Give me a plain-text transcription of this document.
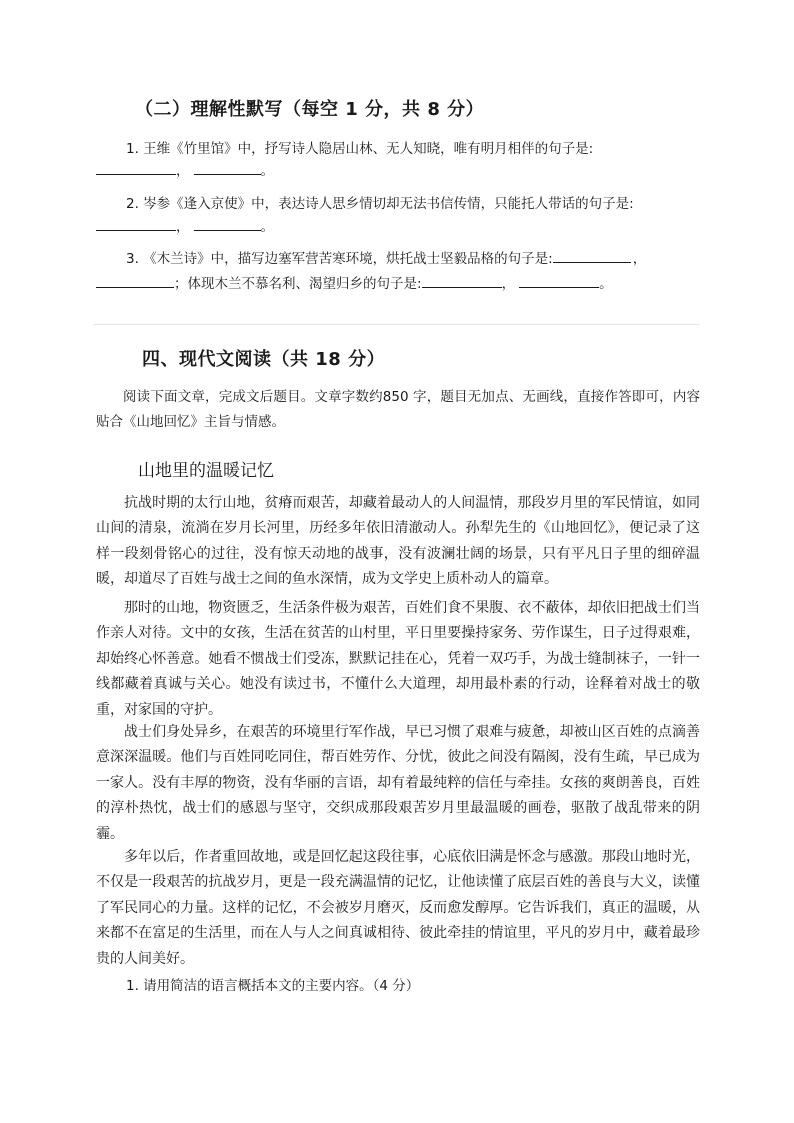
（二）理解性默写（每空 1 分，共 8 分）
1. 王维《竹里馆》中，抒写诗人隐居山林、无人知晓，唯有明月相伴的句子是:
，	。
2. 岑参《逢入京使》中，表达诗人思乡情切却无法书信传情，只能托人带话的句子是:
，	。
3. 《木兰诗》中，描写边塞军营苦寒环境，烘托战士坚毅品格的句子是:	，
；体现木兰不慕名利、渴望归乡的句子是:	，	。
四、现代文阅读（共 18 分）

阅读下面文章，完成文后题目。文章字数约850 字，题目无加点、无画线，直接作答即可，内容贴合《山地回忆》主旨与情感。

山地里的温暖记忆

抗战时期的太行山地，贫瘠而艰苦，却藏着最动人的人间温情，那段岁月里的军民情谊，如同山间的清泉，流淌在岁月长河里，历经多年依旧清澈动人。孙犁先生的《山地回忆》，便记录了这样一段刻骨铭心的过往，没有惊天动地的战事，没有波澜壮阔的场景，只有平凡日子里的细碎温暖，却道尽了百姓与战士之间的鱼水深情，成为文学史上质朴动人的篇章。

那时的山地，物资匮乏，生活条件极为艰苦，百姓们食不果腹、衣不蔽体，却依旧把战士们当作亲人对待。文中的女孩，生活在贫苦的山村里，平日里要操持家务、劳作谋生，日子过得艰难，却始终心怀善意。她看不惯战士们受冻，默默记挂在心，凭着一双巧手，为战士缝制袜子，一针一线都藏着真诚与关心。她没有读过书，不懂什么大道理，却用最朴素的行动，诠释着对战士的敬重，对家国的守护。

战士们身处异乡，在艰苦的环境里行军作战，早已习惯了艰难与疲惫，却被山区百姓的点滴善意深深温暖。他们与百姓同吃同住，帮百姓劳作、分忧，彼此之间没有隔阂，没有生疏，早已成为一家人。没有丰厚的物资，没有华丽的言语，却有着最纯粹的信任与牵挂。女孩的爽朗善良，百姓的淳朴热忱，战士们的感恩与坚守，交织成那段艰苦岁月里最温暖的画卷，驱散了战乱带来的阴霾。

多年以后，作者重回故地，或是回忆起这段往事，心底依旧满是怀念与感激。那段山地时光，不仅是一段艰苦的抗战岁月，更是一段充满温情的记忆，让他读懂了底层百姓的善良与大义，读懂了军民同心的力量。这样的记忆，不会被岁月磨灭，反而愈发醇厚。它告诉我们，真正的温暖，从来都不在富足的生活里，而在人与人之间真诚相待、彼此牵挂的情谊里，平凡的岁月中，藏着最珍贵的人间美好。

1. 请用简洁的语言概括本文的主要内容。（4 分）
